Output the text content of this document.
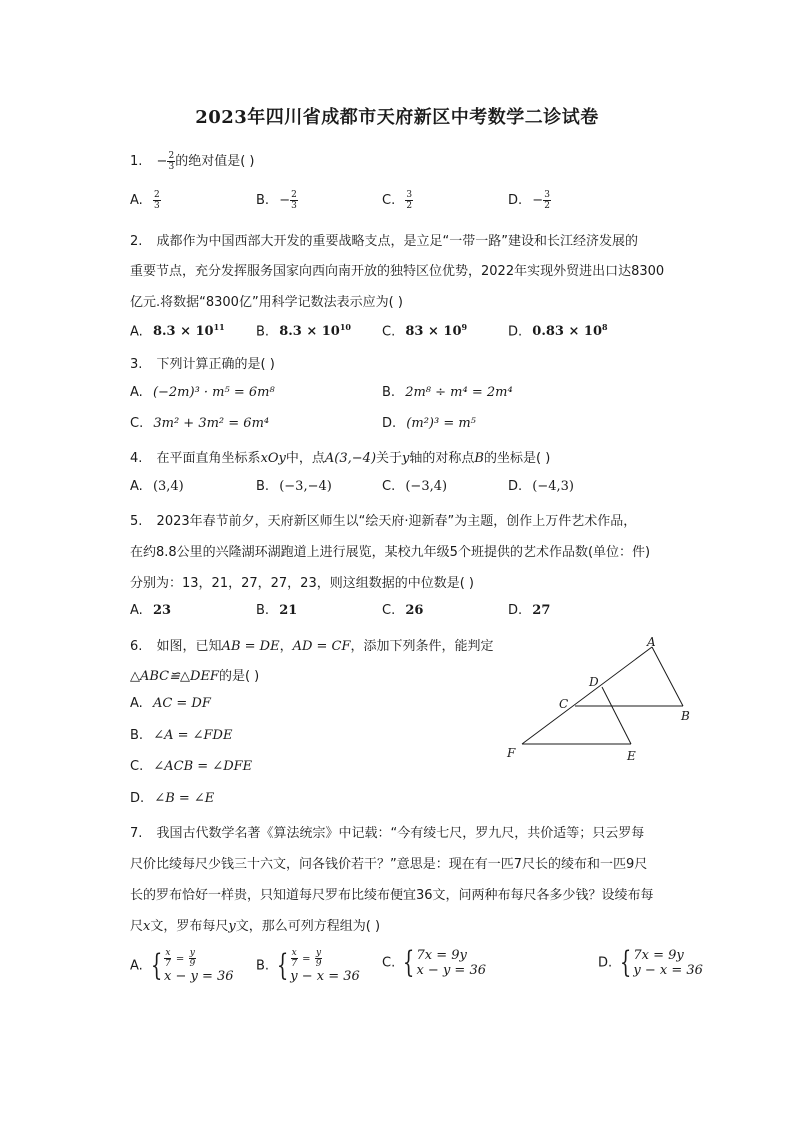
2023年四川省成都市天府新区中考数学二诊试卷
1. − $\frac{2}{3}$ 的绝对值是( )
A. $\frac{2}{3}$	B. − $\frac{2}{3}$	C. $\frac{3}{2}$	D. − $\frac{3}{2}$
2. 成都作为中国西部大开发的重要战略支点，是立足“一带一路”建设和长江经济发展的
重要节点，充分发挥服务国家向西向南开放的独特区位优势，2022年实现外贸进出口达8300
亿元.将数据“8300亿”用科学记数法表示应为( )
A. $8.3 \times 10^{11}$ B. $8.3 \times 10^{10}$ C. $83 \times 10^9$	D. $0.83 \times 10^8$
3. 下列计算正确的是( )
A. (−2m)³ · m⁵ = 6m⁸	B. 2m⁸ ÷ m⁴ = 2m⁴
C. 3m² + 3m² = 6m⁴	D. (m²)³ = m⁵
4. 在平面直角坐标系xOy中，点A(3,−4)关于y轴的对称点B的坐标是( )
A. (3,4)	B. (−3,−4)	C. (−3,4)	D. (−4,3)
5. 2023年春节前夕，天府新区师生以“绘天府·迎新春”为主题，创作上万件艺术作品，
在约8.8公里的兴隆湖环湖跑道上进行展览，某校九年级5个班提供的艺术作品数(单位：件)
分别为：13，21，27，27，23，则这组数据的中位数是( )
A. 23	B. 21	C. 26	D. 27
6. 如图，已知AB = DE，AD = CF，添加下列条件，能判定
△ABC≌△DEF的是( )
A. AC = DF
B. ∠A = ∠FDE
C. ∠ACB = ∠DFE
D. ∠B = ∠E
A
B
C
D
E
F
7. 我国古代数学名著《算法统宗》中记载：“今有绫七尺，罗九尺，共价适等；只云罗每
尺价比绫每尺少钱三十六文，问各钱价若干？”意思是：现在有一匹7尺长的绫布和一匹9尺
长的罗布恰好一样贵，只知道每尺罗布比绫布便宜36文，问两种布每尺各多少钱？设绫布每
尺x文，罗布每尺y文，那么可列方程组为( )
A. { $\frac{x}{7} = \frac{y}{9}$
x − y = 36
B. { $\frac{x}{7} = \frac{y}{9}$
y − x = 36
C. { 7x = 9y
x − y = 36	D. { 7x = 9y
y − x = 36
